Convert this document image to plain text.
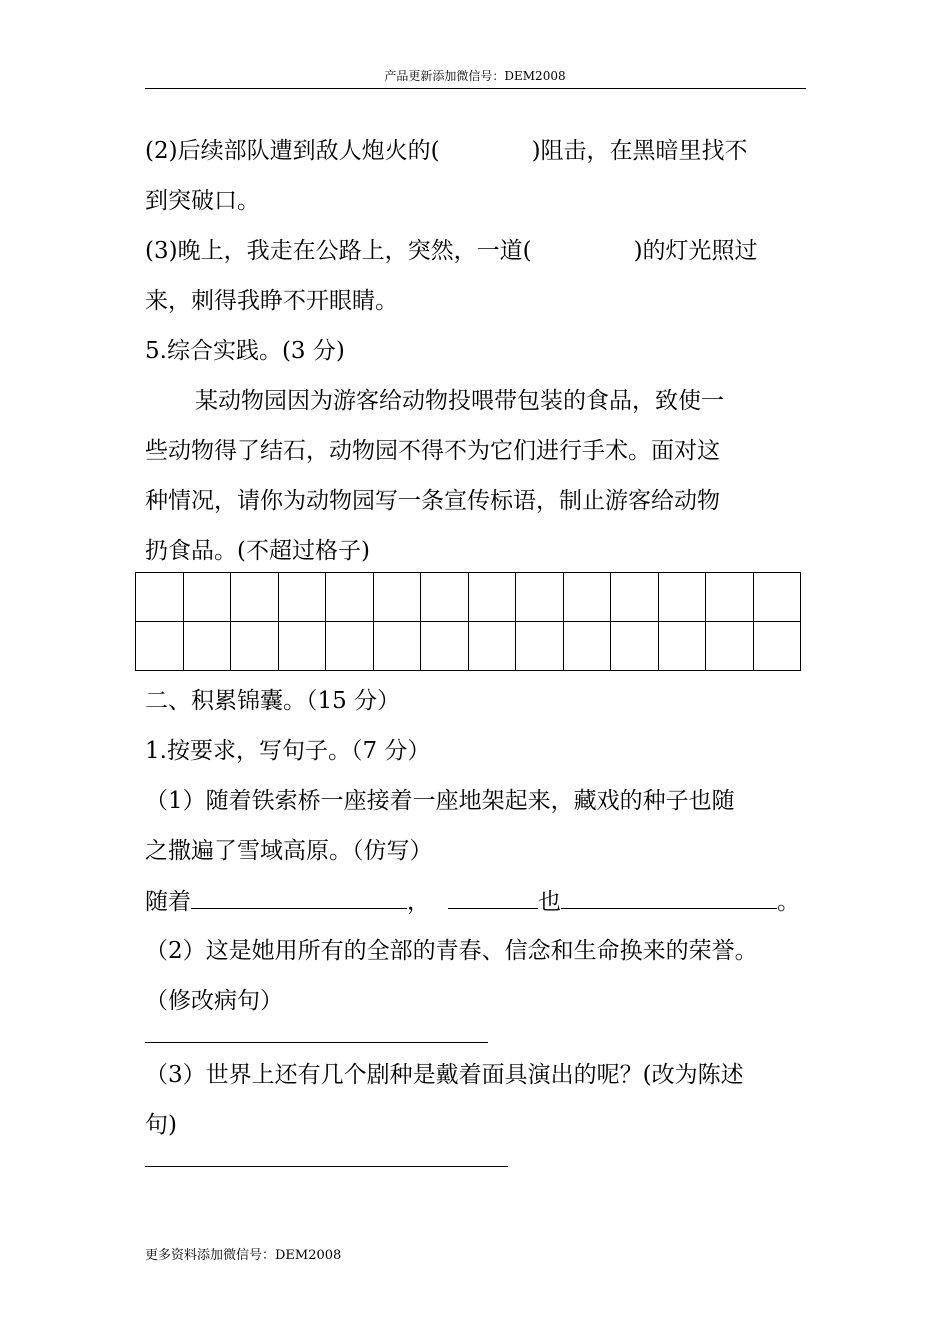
产品更新添加微信号：DEM2008
(2)后续部队遭到敌人炮火的(	)阻击，在黑暗里找不
到突破口。
(3)晚上，我走在公路上，突然，一道(	)的灯光照过
来，刺得我睁不开眼睛。
5.综合实践。(3 分)
某动物园因为游客给动物投喂带包装的食品，致使一
些动物得了结石，动物园不得不为它们进行手术。面对这
种情况，请你为动物园写一条宣传标语，制止游客给动物
扔食品。(不超过格子)

二、积累锦囊。（15 分）
1.按要求，写句子。（7 分）
（1）随着铁索桥一座接着一座地架起来，藏戏的种子也随
之撒遍了雪域高原。（仿写）
随着	，	也	。
（2）这是她用所有的全部的青春、信念和生命换来的荣誉。
（修改病句）
（3）世界上还有几个剧种是戴着面具演出的呢？(改为陈述
句)
更多资料添加微信号：DEM2008
